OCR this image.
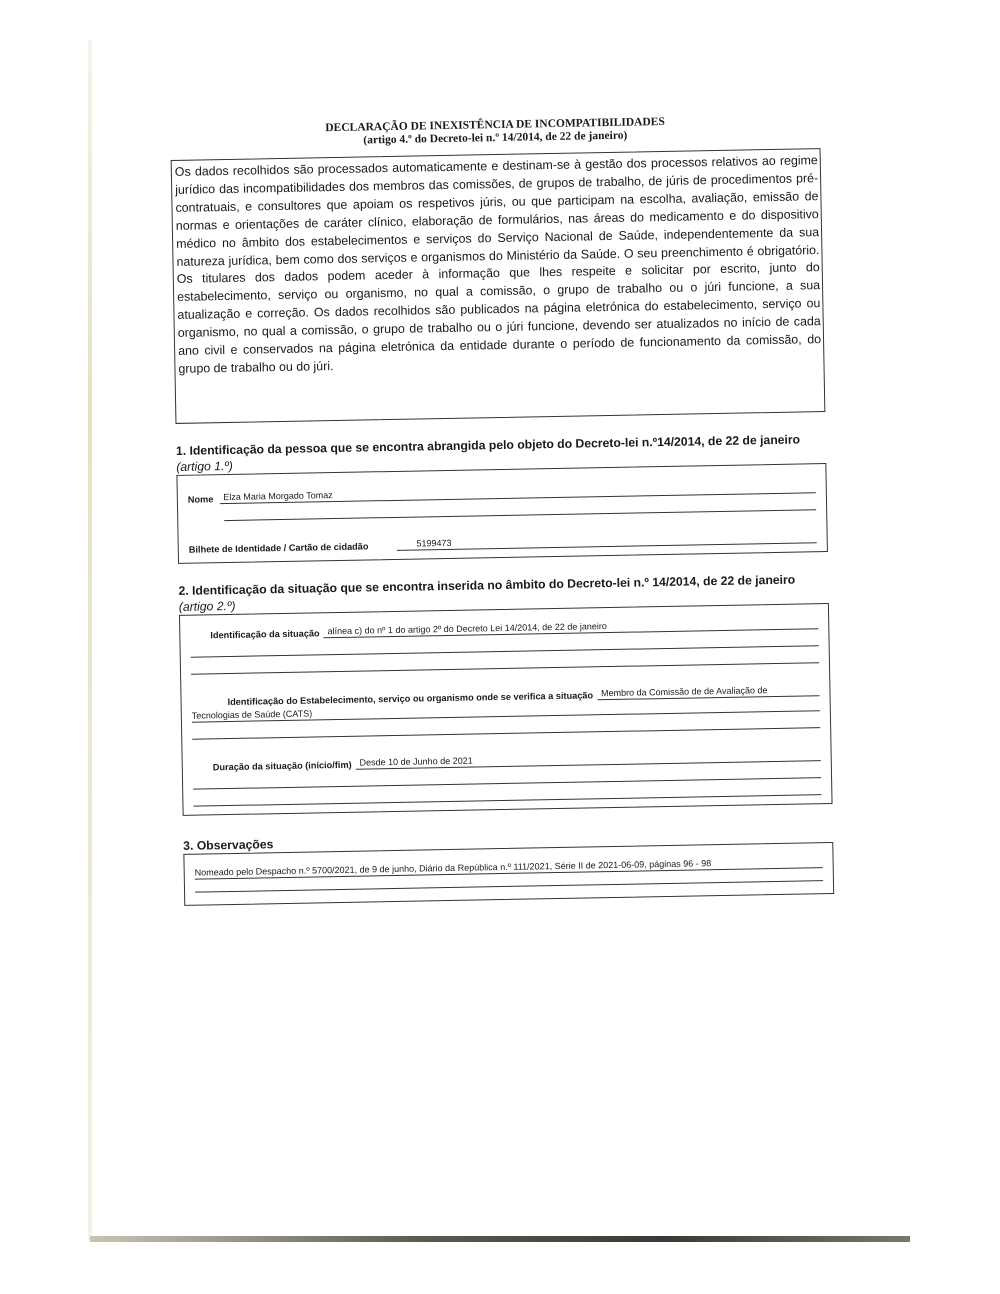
DECLARAÇÃO DE INEXISTÊNCIA DE INCOMPATIBILIDADES
(artigo 4.º do Decreto-lei n.º 14/2014, de 22 de janeiro)
Os dados recolhidos são processados automaticamente e destinam-se à gestão dos processos relativos ao regime jurídico das incompatibilidades dos membros das comissões, de grupos de trabalho, de júris de procedimentos pré-contratuais, e consultores que apoiam os respetivos júris, ou que participam na escolha, avaliação, emissão de normas e orientações de caráter clínico, elaboração de formulários, nas áreas do medicamento e do dispositivo médico no âmbito dos estabelecimentos e serviços do Serviço Nacional de Saúde, independentemente da sua natureza jurídica, bem como dos serviços e organismos do Ministério da Saúde. O seu preenchimento é obrigatório. Os titulares dos dados podem aceder à informação que lhes respeite e solicitar por escrito, junto do estabelecimento, serviço ou organismo, no qual a comissão, o grupo de trabalho ou o júri funcione, a sua atualização e correção. Os dados recolhidos são publicados na página eletrónica do estabelecimento, serviço ou organismo, no qual a comissão, o grupo de trabalho ou o júri funcione, devendo ser atualizados no início de cada ano civil e conservados na página eletrónica da entidade durante o período de funcionamento da comissão, do grupo de trabalho ou do júri.
1. Identificação da pessoa que se encontra abrangida pelo objeto do Decreto-lei n.º14/2014, de 22 de janeiro
(artigo 1.º)
Nome	Elza Maria Morgado Tomaz
Bilhete de Identidade / Cartão de cidadão	5199473
2. Identificação da situação que se encontra inserida no âmbito do Decreto-lei n.º 14/2014, de 22 de janeiro (artigo 2.º)
Identificação da situação alínea c) do nº 1 do artigo 2º do Decreto Lei 14/2014, de 22 de janeiro
Identificação do Estabelecimento, serviço ou organismo onde se verifica a situação Membro da Comissão de de Avaliação de
Tecnologias de Saúde (CATS)
Duração da situação (início/fim) Desde 10 de Junho de 2021
3. Observações
Nomeado pelo Despacho n.º 5700/2021, de 9 de junho, Diário da República n.º 111/2021, Série II de 2021-06-09, páginas 96 - 98
